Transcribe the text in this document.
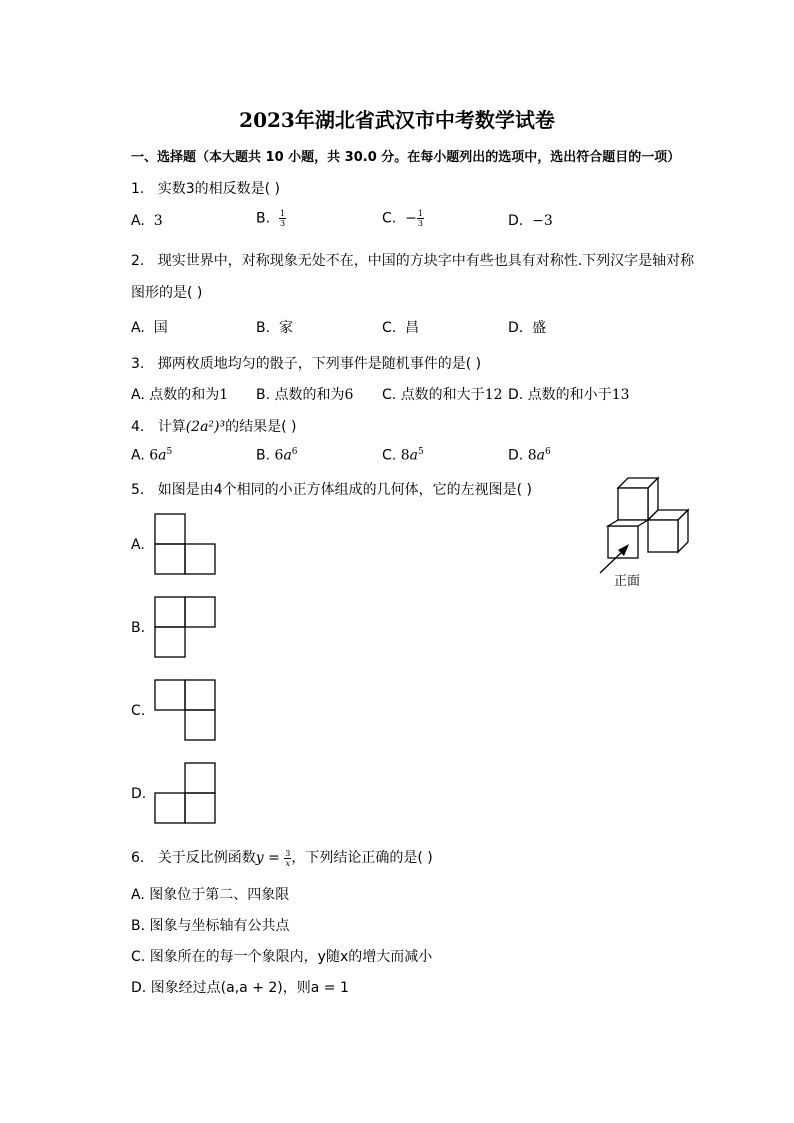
2023年湖北省武汉市中考数学试卷
一、选择题（本大题共 10 小题，共 30.0 分。在每小题列出的选项中，选出符合题目的一项）
1. 实数3的相反数是( )
A. 3	B. $\frac{1}{3}$	C. − $\frac{1}{3}$	D. −3
2. 现实世界中，对称现象无处不在，中国的方块字中有些也具有对称性.下列汉字是轴对称
图形的是( )
A. 国	B. 家	C. 昌	D. 盛
3. 掷两枚质地均匀的骰子，下列事件是随机事件的是( )
A. 点数的和为1 B. 点数的和为6 C. 点数的和大于12 D. 点数的和小于13
4. 计算(2a²)³的结果是( )
A. $6a^5$	B. $6a^6$	C. $8a^5$	D. $8a^6$
5. 如图是由4个相同的小正方体组成的几何体，它的左视图是( )
正面
A.
B.
C.
D.
6. 关于反比例函数$y = \frac{3}{x}$ ，下列结论正确的是( )
A. 图象位于第二、四象限
B. 图象与坐标轴有公共点
C. 图象所在的每一个象限内，y随x的增大而减小
D. 图象经过点(a,a + 2)，则a = 1
